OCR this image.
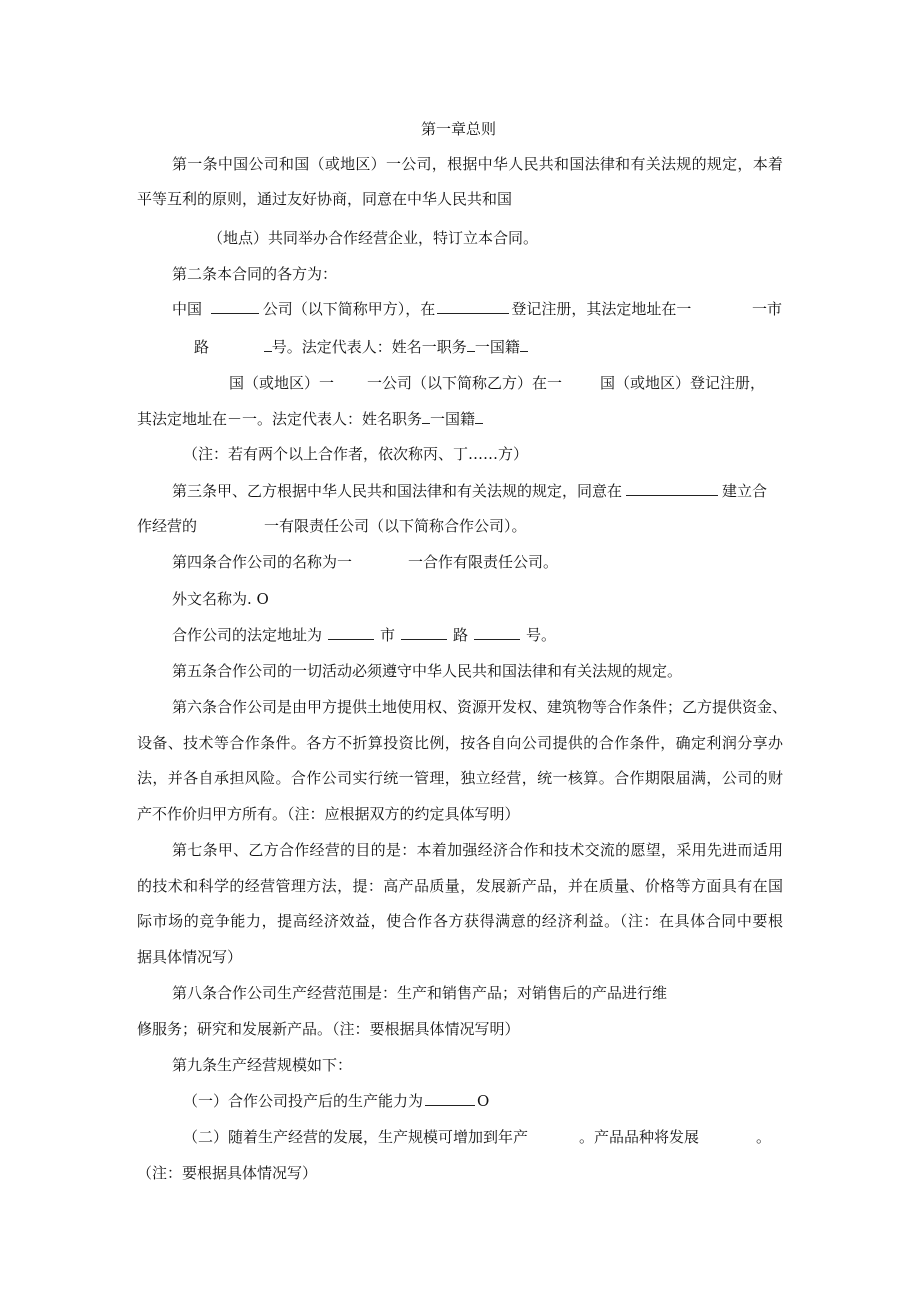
第一章总则
第一条中国公司和国（或地区）一公司，根据中华人民共和国法律和有关法规的规定，本着
平等互利的原则，通过友好协商，同意在中华人民共和国
（地点）共同举办合作经营企业，特订立本合同。
第二条本合同的各方为：
中国	公司（以下简称甲方），在	登记注册，其法定地址在一	一市
路	号。法定代表人：姓名一职务 一国籍
国（或地区）一 一公司（以下简称乙方）在一	国（或地区）登记注册，
其法定地址在－一。法定代表人：姓名职务 一国籍
（注：若有两个以上合作者，依次称丙、丁……方）
第三条甲、乙方根据中华人民共和国法律和有关法规的规定，同意在	建立合
作经营的	一有限责任公司（以下简称合作公司）。
第四条合作公司的名称为一	一合作有限责任公司。
外文名称为. O
合作公司的法定地址为	市	路	号。
第五条合作公司的一切活动必须遵守中华人民共和国法律和有关法规的规定。
第六条合作公司是由甲方提供土地使用权、资源开发权、建筑物等合作条件；乙方提供资金、
设备、技术等合作条件。各方不折算投资比例，按各自向公司提供的合作条件，确定利润分享办
法，并各自承担风险。合作公司实行统一管理，独立经营，统一核算。合作期限届满，公司的财
产不作价归甲方所有。（注：应根据双方的约定具体写明）
第七条甲、乙方合作经营的目的是：本着加强经济合作和技术交流的愿望，采用先进而适用
的技术和科学的经营管理方法，提：高产品质量，发展新产品，并在质量、价格等方面具有在国
际市场的竞争能力，提高经济效益，使合作各方获得满意的经济利益。（注：在具体合同中要根
据具体情况写）
第八条合作公司生产经营范围是：生产和销售产品；对销售后的产品进行维
修服务；研究和发展新产品。（注：要根据具体情况写明）
第九条生产经营规模如下：
（一）合作公司投产后的生产能力为	O
（二）随着生产经营的发展，生产规模可增加到年产	。产品品种将发展	。
（注：要根据具体情况写）
